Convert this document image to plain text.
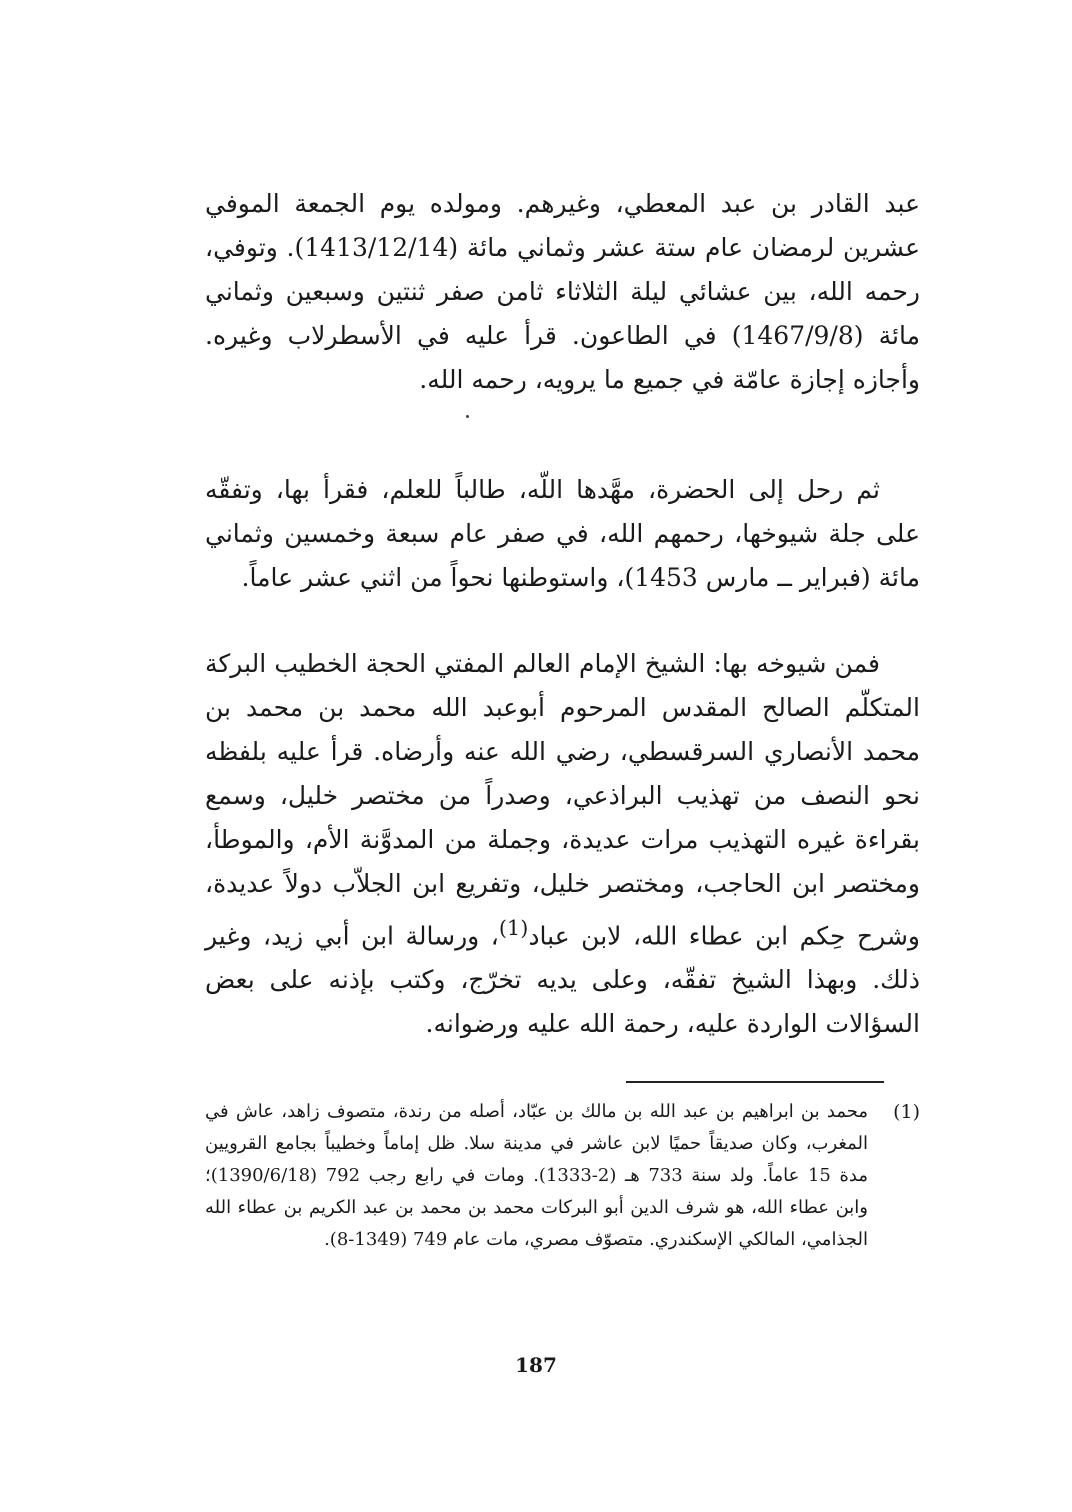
عبد القادر بن عبد المعطي، وغيرهم. ومولده يوم الجمعة الموفي عشرين لرمضان عام ستة عشر وثماني مائة (1413/12/14). وتوفي، رحمه الله، بين عشائي ليلة الثلاثاء ثامن صفر ثنتين وسبعين وثماني مائة (1467/9/8) في الطاعون. قرأ عليه في الأسطرلاب وغيره. وأجازه إجازة عامّة في جميع ما يرويه، رحمه الله.

ثم رحل إلى الحضرة، مهَّدها اللّه، طالباً للعلم، فقرأ بها، وتفقّه على جلة شيوخها، رحمهم الله، في صفر عام سبعة وخمسين وثماني مائة (فبراير ــ مارس 1453)، واستوطنها نحواً من اثني عشر عاماً.

فمن شيوخه بها: الشيخ الإمام العالم المفتي الحجة الخطيب البركة المتكلّم الصالح المقدس المرحوم أبوعبد الله محمد بن محمد بن محمد الأنصاري السرقسطي، رضي الله عنه وأرضاه. قرأ عليه بلفظه نحو النصف من تهذيب البراذعي، وصدراً من مختصر خليل، وسمع بقراءة غيره التهذيب مرات عديدة، وجملة من المدوَّنة الأم، والموطأ، ومختصر ابن الحاجب، ومختصر خليل، وتفريع ابن الجلاّب دولاً عديدة، وشرح حِكم ابن عطاء الله، لابن عباد$^{(1)}$، ورسالة ابن أبي زيد، وغير ذلك. وبهذا الشيخ تفقّه، وعلى يديه تخرّج، وكتب بإذنه على بعض السؤالات الواردة عليه، رحمة الله عليه ورضوانه.

(1)

محمد بن ابراهيم بن عبد الله بن مالك بن عبّاد، أصله من رندة، متصوف زاهد، عاش في المغرب، وكان صديقاً حميًا لابن عاشر في مدينة سلا. ظل إماماً وخطيباً بجامع القرويين مدة 15 عاماً. ولد سنة 733 هـ (2-1333). ومات في رابع رجب 792 (1390/6/18)؛ وابن عطاء الله، هو شرف الدين أبو البركات محمد بن محمد بن عبد الكريم بن عطاء الله الجذامي، المالكي الإسكندري. متصوّف مصري، مات عام 749 (1349-8).

187
